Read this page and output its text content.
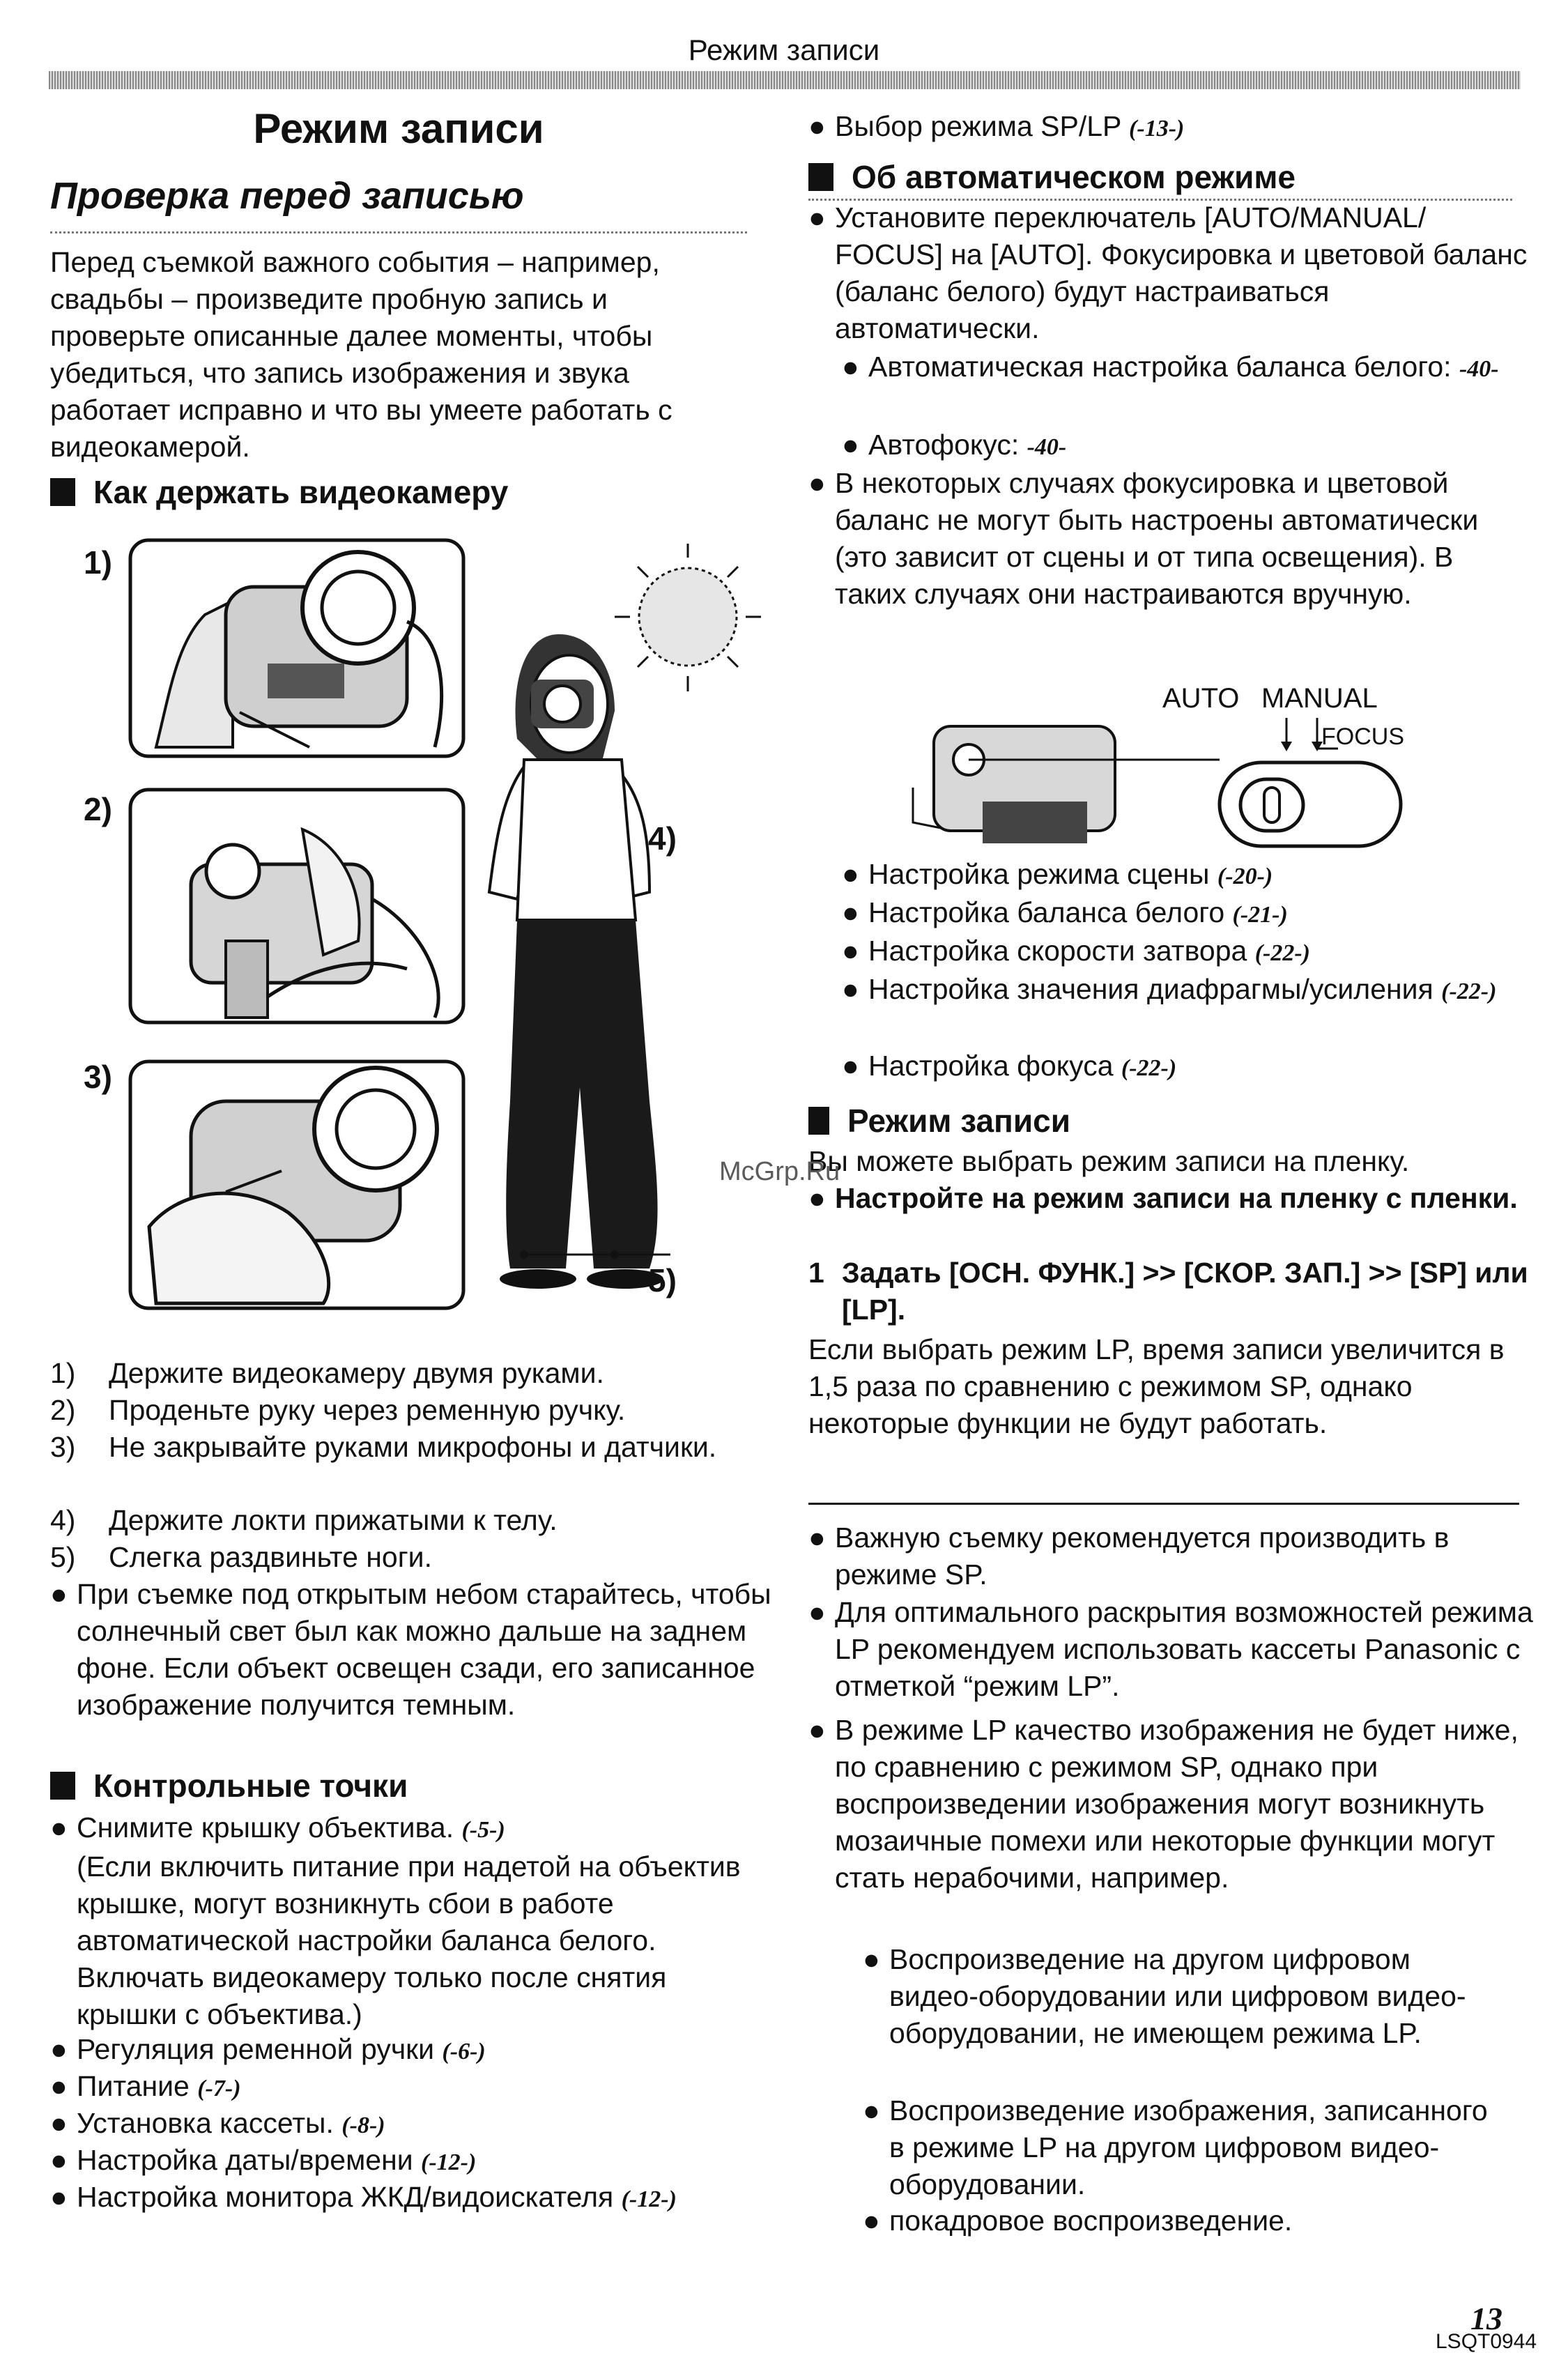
Режим записи
Режим записи
Проверка перед записью

Перед съемкой важного события – например, свадьбы – произведите пробную запись и проверьте описанные далее моменты, чтобы убедиться, что запись изображения и звука работает исправно и что вы умеете работать с видеокамерой.

Как держать видеокамеру
1)
2)
3)
4)
5)
1) Держите видеокамеру двумя руками.
2) Проденьте руку через ременную ручку.
3) Не закрывайте руками микрофоны и датчики.
4) Держите локти прижатыми к телу.
5) Слегка раздвиньте ноги.
● При съемке под открытым небом старайтесь, чтобы солнечный свет был как можно дальше на заднем фоне. Если объект освещен сзади, его записанное изображение получится темным.
Контрольные точки
● Снимите крышку объектива. (-5-)
(Если включить питание при надетой на объектив крышке, могут возникнуть сбои в работе автоматической настройки баланса белого. Включать видеокамеру только после снятия крышки с объектива.)
● Регуляция ременной ручки (-6-)
● Питание (-7-)
● Установка кассеты. (-8-)
● Настройка даты/времени (-12-)
● Настройка монитора ЖКД/видоискателя (-12-)
● Выбор режима SP/LP (-13-)
Об автоматическом режиме
● Установите переключатель [AUTO/MANUAL/ FOCUS] на [AUTO]. Фокусировка и цветовой баланс (баланс белого) будут настраиваться автоматически.
● Автоматическая настройка баланса белого: -40-
● Автофокус: -40-
● В некоторых случаях фокусировка и цветовой баланс не могут быть настроены автоматически (это зависит от сцены и от типа освещения). В таких случаях они настраиваются вручную.
AUTO MANUAL
FOCUS
● Настройка режима сцены (-20-)
● Настройка баланса белого (-21-)
● Настройка скорости затвора (-22-)
● Настройка значения диафрагмы/усиления (-22-)
● Настройка фокуса (-22-)
Режим записи

Вы можете выбрать режим записи на пленку.

● Настройте на режим записи на пленку с пленки.
1 Задать [ОСН. ФУНК.] >> [СКОР. ЗАП.] >> [SP] или [LP].

Если выбрать режим LP, время записи увеличится в 1,5 раза по сравнению с режимом SP, однако некоторые функции не будут работать.

● Важную съемку рекомендуется производить в режиме SP.
● Для оптимального раскрытия возможностей режима LP рекомендуем использовать кассеты Panasonic с отметкой “режим LP”.
● В режиме LP качество изображения не будет ниже, по сравнению с режимом SP, однако при воспроизведении изображения могут возникнуть мозаичные помехи или некоторые функции могут стать нерабочими, например.
● Воспроизведение на другом цифровом видео-оборудовании или цифровом видео-оборудовании, не имеющем режима LP.
● Воспроизведение изображения, записанного в режиме LP на другом цифровом видео-оборудовании.
● покадровое воспроизведение.
McGrp.Ru
13
LSQT0944
